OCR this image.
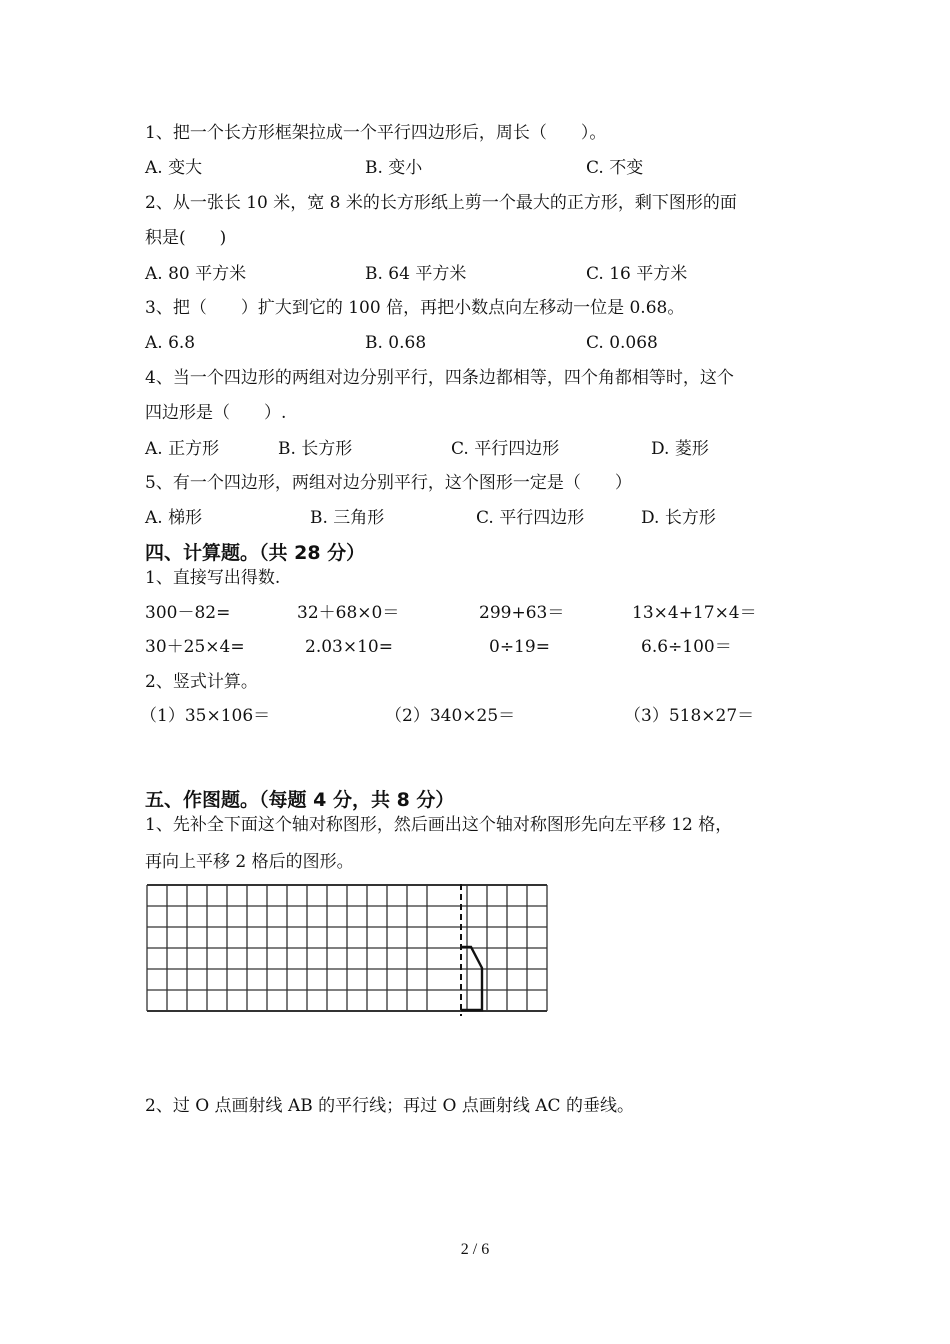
1、把一个长方形框架拉成一个平行四边形后，周长（　　）。
A. 变大	B. 变小	C. 不变
2、从一张长 10 米，宽 8 米的长方形纸上剪一个最大的正方形，剩下图形的面
积是(　　)
A. 80 平方米	B. 64 平方米	C. 16 平方米
3、把（　　）扩大到它的 100 倍，再把小数点向左移动一位是 0.68。
A. 6.8	B. 0.68	C. 0.068
4、当一个四边形的两组对边分别平行，四条边都相等，四个角都相等时，这个
四边形是（　　）.
A. 正方形	B. 长方形	C. 平行四边形	D. 菱形
5、有一个四边形，两组对边分别平行，这个图形一定是（　　）
A. 梯形	B. 三角形	C. 平行四边形	D. 长方形
四、计算题。（共 28 分）
1、直接写出得数.
300－82=	32＋68×0＝	299+63＝	13×4+17×4＝
30＋25×4=	2.03×10=	0÷19=	6.6÷100＝
2、竖式计算。
（1）35×106＝	（2）340×25＝	（3）518×27＝
五、作图题。（每题 4 分，共 8 分）
1、先补全下面这个轴对称图形，然后画出这个轴对称图形先向左平移 12 格，
再向上平移 2 格后的图形。
2、过 O 点画射线 AB 的平行线；再过 O 点画射线 AC 的垂线。
2 / 6
